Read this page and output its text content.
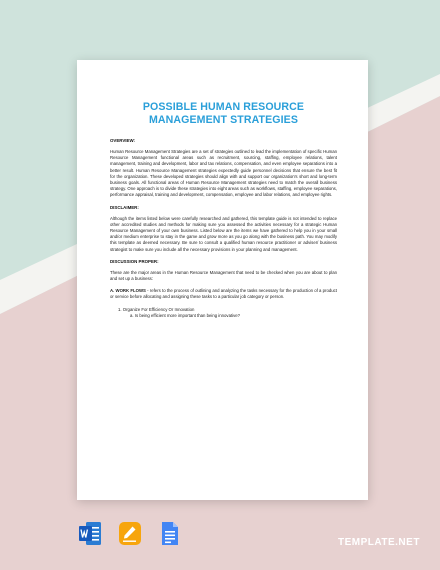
POSSIBLE HUMAN RESOURCE
MANAGEMENT STRATEGIES
OVERVIEW:

Human Resource Management Strategies are a set of strategies outlined to lead the implementation of specific Human Resource Management functional areas such as recruitment, sourcing, staffing, employee relations, talent management, training and development, labor and tax relations, compensation, and even employee separations into a better result. Human Resource Management strategies expectedly guide personnel decisions that ensure the best fit for the organization. These developed strategies should align with and support our organization's short and long-term business goals. All functional areas of Human Resource Management strategies need to match the overall business strategy. One approach is to divide these strategies into eight areas such as workflows, staffing, employee separations, performance appraisal, training and development, compensation, employee and labor relations, and employee rights.

DISCLAIMER:

Although the items listed below were carefully researched and gathered, this template guide is not intended to replace other accredited studies and methods for making sure you assessed the activities necessary for a strategic Human Resource Management of your own business. Listed below are the items we have gathered to help you in your small and/or medium enterprise to stay in the game and grow more as you go along with the business path. You may modify this template as deemed necessary. Be sure to consult a qualified human resource practitioner or adviser/ business strategist to make sure you include all the necessary provisions in your planning and management.

DISCUSSION PROPER:

These are the major areas in the Human Resource Management that need to be checked when you are about to plan and set up a business:

A. WORK FLOWS - refers to the process of outlining and analyzing the tasks necessary for the production of a product or service before allocating and assigning these tasks to a particular job category or person.

1. Organize For Efficiency Or Innovation
a. Is being efficient more important than being innovative?
TEMPLATE.NET
